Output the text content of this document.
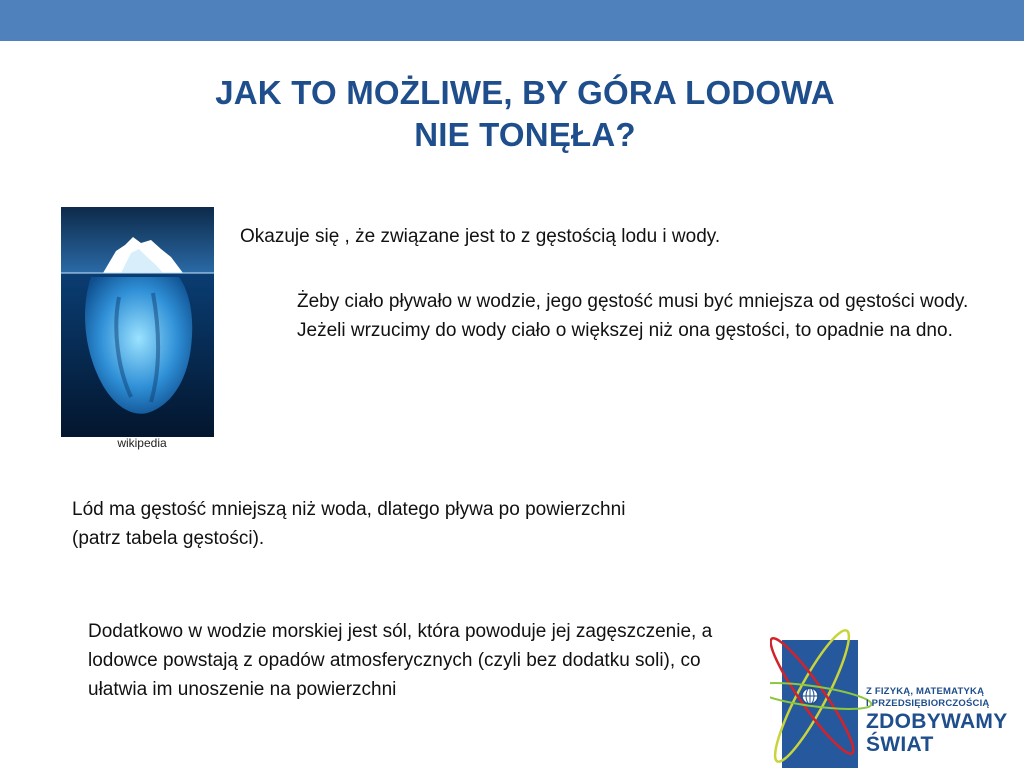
JAK TO MOŻLIWE, BY GÓRA LODOWA
NIE TONĘŁA?
wikipedia
Okazuje się , że związane jest to z gęstością lodu i wody.
Żeby ciało pływało w wodzie, jego gęstość musi być mniejsza od gęstości wody.
Jeżeli wrzucimy do wody ciało o większej niż ona gęstości, to opadnie na dno.
Lód ma gęstość mniejszą niż woda, dlatego pływa po powierzchni
(patrz tabela gęstości).
Dodatkowo w wodzie morskiej jest sól, która powoduje jej zagęszczenie, a lodowce powstają z opadów atmosferycznych (czyli bez dodatku soli), co ułatwia im unoszenie na powierzchni	Z FIZYKĄ, MATEMATYKĄ
I PRZEDSIĘBIORCZOŚCIĄ
ZDOBYWAMY
ŚWIAT
